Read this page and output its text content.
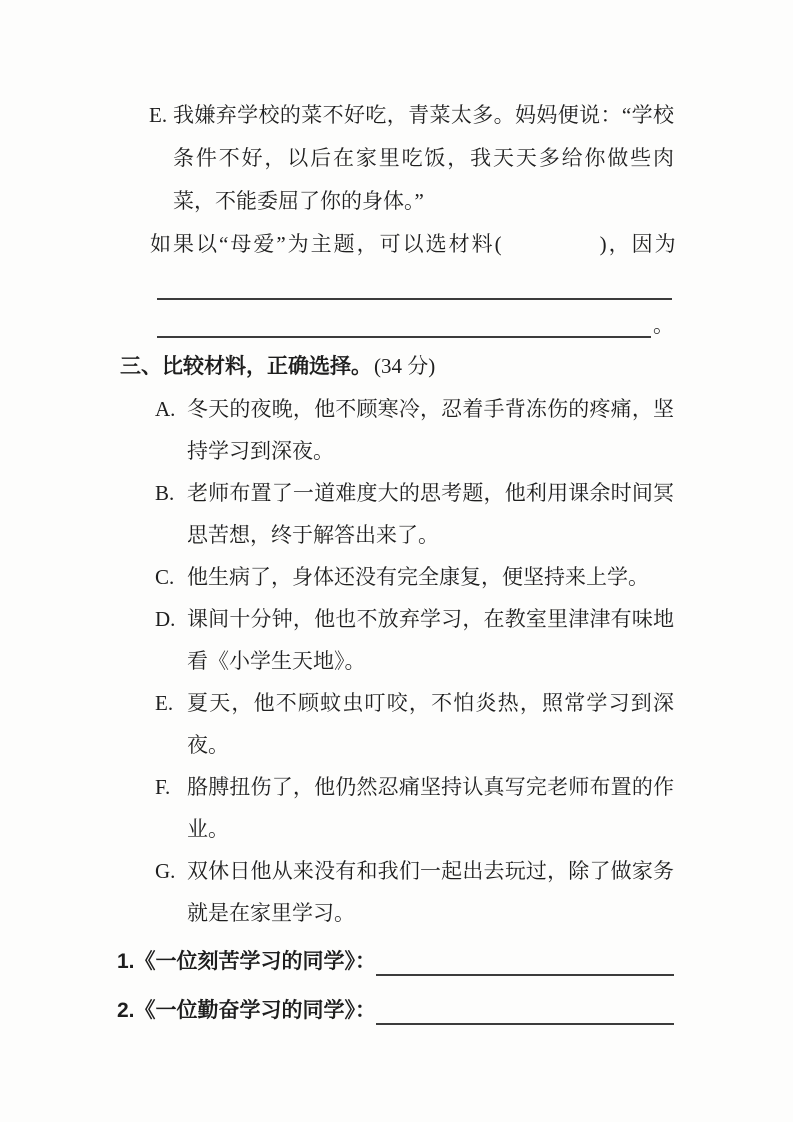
E. 我嫌弃学校的菜不好吃，青菜太多。妈妈便说：“学校条件不好，以后在家里吃饭，我天天多给你做些肉菜，不能委屈了你的身体。”

如果以“母爱”为主题，可以选材料(	)，因为

。
三、比较材料，正确选择。(34 分)
A. 冬天的夜晚，他不顾寒冷，忍着手背冻伤的疼痛，坚持学习到深夜。
B. 老师布置了一道难度大的思考题，他利用课余时间冥思苦想，终于解答出来了。
C. 他生病了，身体还没有完全康复，便坚持来上学。
D. 课间十分钟，他也不放弃学习，在教室里津津有味地看《小学生天地》。
E. 夏天，他不顾蚊虫叮咬，不怕炎热，照常学习到深夜。
F. 胳膊扭伤了，他仍然忍痛坚持认真写完老师布置的作业。
G. 双休日他从来没有和我们一起出去玩过，除了做家务就是在家里学习。
1.《一位刻苦学习的同学》：
2.《一位勤奋学习的同学》：
